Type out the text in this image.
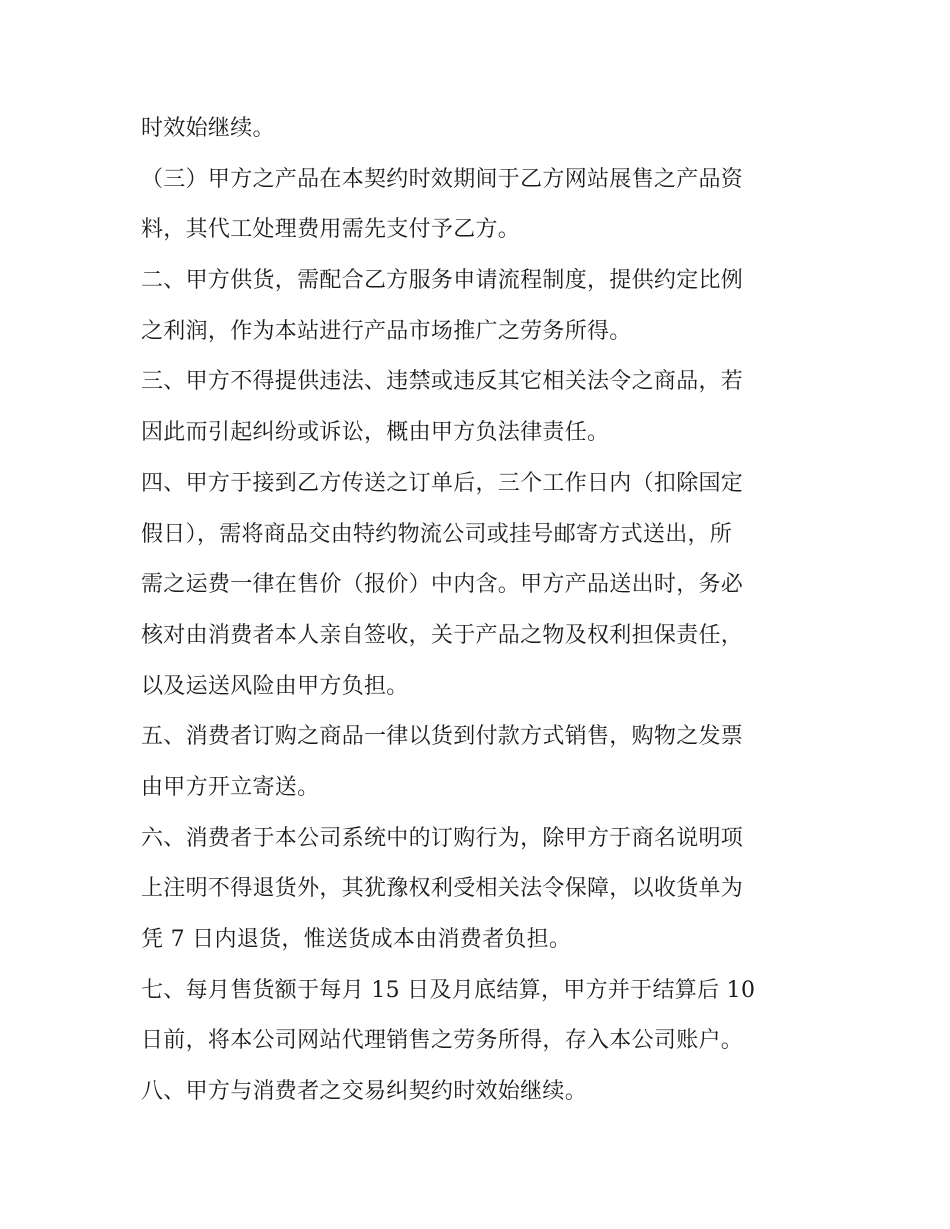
时效始继续。
（三）甲方之产品在本契约时效期间于乙方网站展售之产品资
料，其代工处理费用需先支付予乙方。
二、甲方供货，需配合乙方服务申请流程制度，提供约定比例
之利润，作为本站进行产品市场推广之劳务所得。
三、甲方不得提供违法、违禁或违反其它相关法令之商品，若
因此而引起纠纷或诉讼，概由甲方负法律责任。
四、甲方于接到乙方传送之订单后，三个工作日内（扣除国定
假日），需将商品交由特约物流公司或挂号邮寄方式送出，所
需之运费一律在售价（报价）中内含。甲方产品送出时，务必
核对由消费者本人亲自签收，关于产品之物及权利担保责任，
以及运送风险由甲方负担。
五、消费者订购之商品一律以货到付款方式销售，购物之发票
由甲方开立寄送。
六、消费者于本公司系统中的订购行为，除甲方于商名说明项
上注明不得退货外，其犹豫权利受相关法令保障，以收货单为
凭 7 日内退货，惟送货成本由消费者负担。
七、每月售货额于每月 15 日及月底结算，甲方并于结算后 10
日前，将本公司网站代理销售之劳务所得，存入本公司账户。
八、甲方与消费者之交易纠契约时效始继续。
